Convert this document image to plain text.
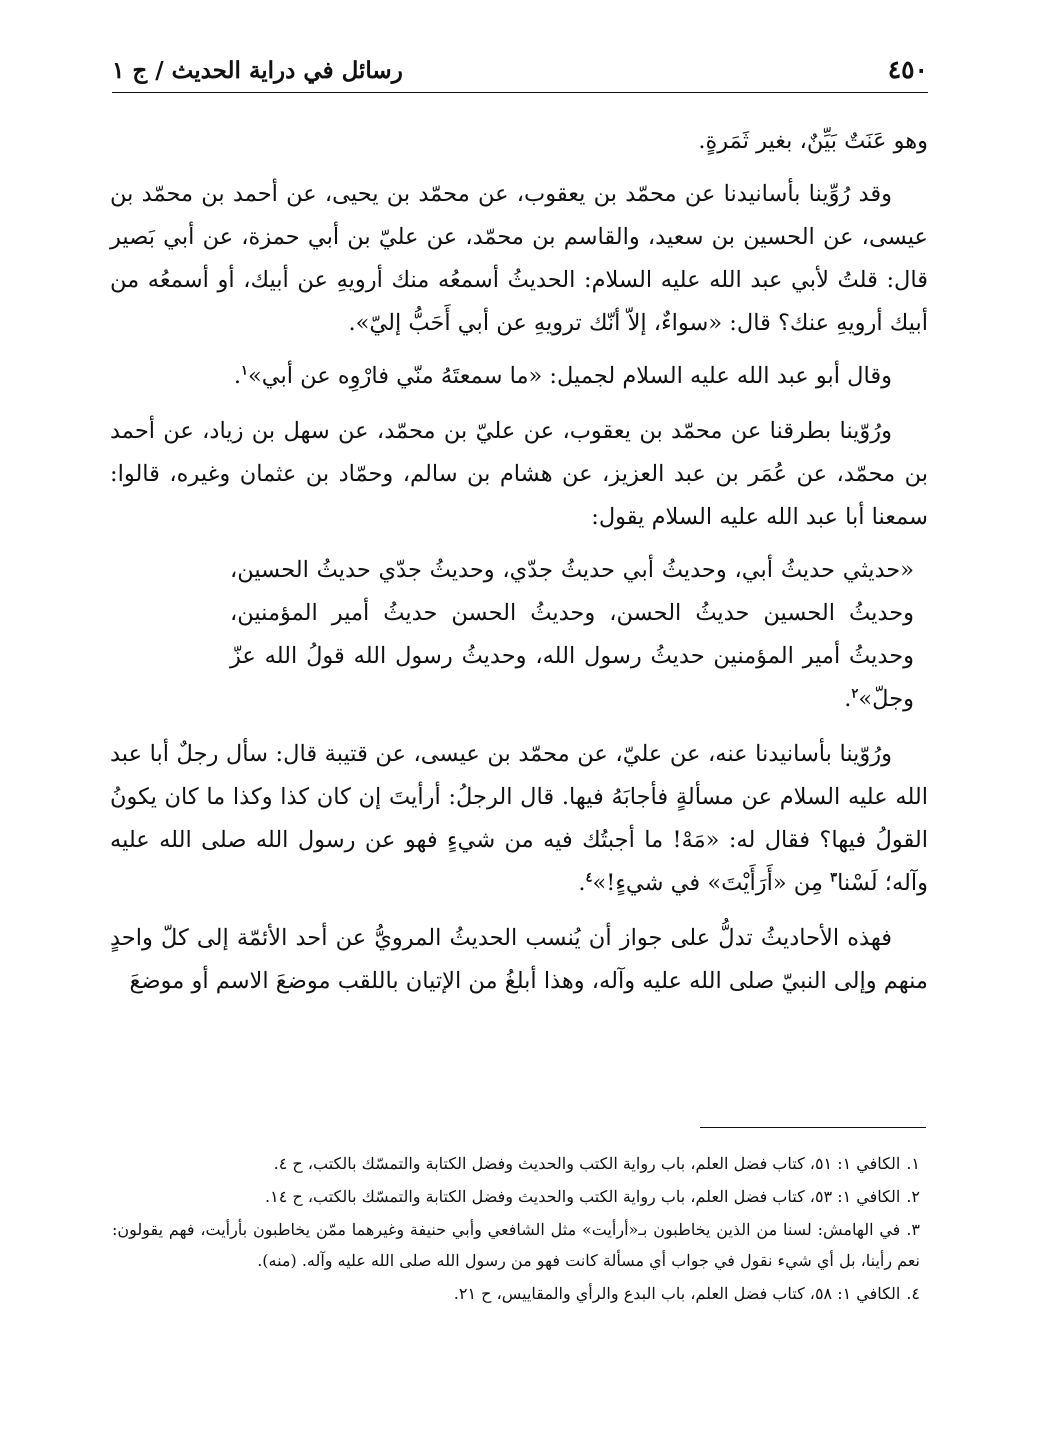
٤٥٠
رسائل في دراية الحديث / ج ١

وهو عَنَتٌ بَيِّنٌ، بغير ثَمَرةٍ.

وقد رُوِّينا بأسانيدنا عن محمّد بن يعقوب، عن محمّد بن يحيى، عن أحمد بن محمّد بن عيسى، عن الحسين بن سعيد، والقاسم بن محمّد، عن عليّ بن أبي حمزة، عن أبي بَصير قال: قلتُ لأبي عبد الله عليه السلام: الحديثُ أسمعُه منك أرويهِ عن أبيك، أو أسمعُه من أبيك أرويهِ عنك؟ قال: «سواءٌ، إلاّ أنّك ترويهِ عن أبي أَحَبُّ إليّ».

وقال أبو عبد الله عليه السلام لجميل: «ما سمعتَهُ منّي فارْوِه عن أبي»$^١$.

ورُوّينا بطرقنا عن محمّد بن يعقوب، عن عليّ بن محمّد، عن سهل بن زياد، عن أحمد بن محمّد، عن عُمَر بن عبد العزيز، عن هشام بن سالم، وحمّاد بن عثمان وغيره، قالوا: سمعنا أبا عبد الله عليه السلام يقول:

«حديثي حديثُ أبي، وحديثُ أبي حديثُ جدّي، وحديثُ جدّي حديثُ الحسين، وحديثُ الحسين حديثُ الحسن، وحديثُ الحسن حديثُ أمير المؤمنين، وحديثُ أمير المؤمنين حديثُ رسول الله، وحديثُ رسول الله قولُ الله عزّ وجلّ»$^٢$.

ورُوّينا بأسانيدنا عنه، عن عليّ، عن محمّد بن عيسى، عن قتيبة قال: سأل رجلٌ أبا عبد الله عليه السلام عن مسألةٍ فأجابَهُ فيها. قال الرجلُ: أرأيتَ إن كان كذا وكذا ما كان يكونُ القولُ فيها؟ فقال له: «مَهْ! ما أجبتُك فيه من شيءٍ فهو عن رسول الله صلى الله عليه وآله؛ لَسْنا$^٣$ مِن «أَرَأَيْتَ» في شيءٍ!»$^٤$.

فهذه الأحاديثُ تدلُّ على جواز أن يُنسب الحديثُ المرويُّ عن أحد الأئمّة إلى كلّ واحدٍ منهم وإلى النبيّ صلى الله عليه وآله، وهذا أبلغُ من الإتيان باللقب موضعَ الاسم أو موضعَ

١.الكافي ١: ٥١، كتاب فضل العلم، باب رواية الكتب والحديث وفضل الكتابة والتمسّك بالكتب، ح ٤.
٢.الكافي ١: ٥٣، كتاب فضل العلم، باب رواية الكتب والحديث وفضل الكتابة والتمسّك بالكتب، ح ١٤.
٣.في الهامش: لسنا من الذين يخاطبون بـ«أرأيت» مثل الشافعي وأبي حنيفة وغيرهما ممّن يخاطبون بأرأيت، فهم يقولون: نعم رأينا، بل أي شيء نقول في جواب أي مسألة كانت فهو من رسول الله صلى الله عليه وآله. (منه).
٤.الكافي ١: ٥٨، كتاب فضل العلم، باب البدع والرأي والمقاييس، ح ٢١.
